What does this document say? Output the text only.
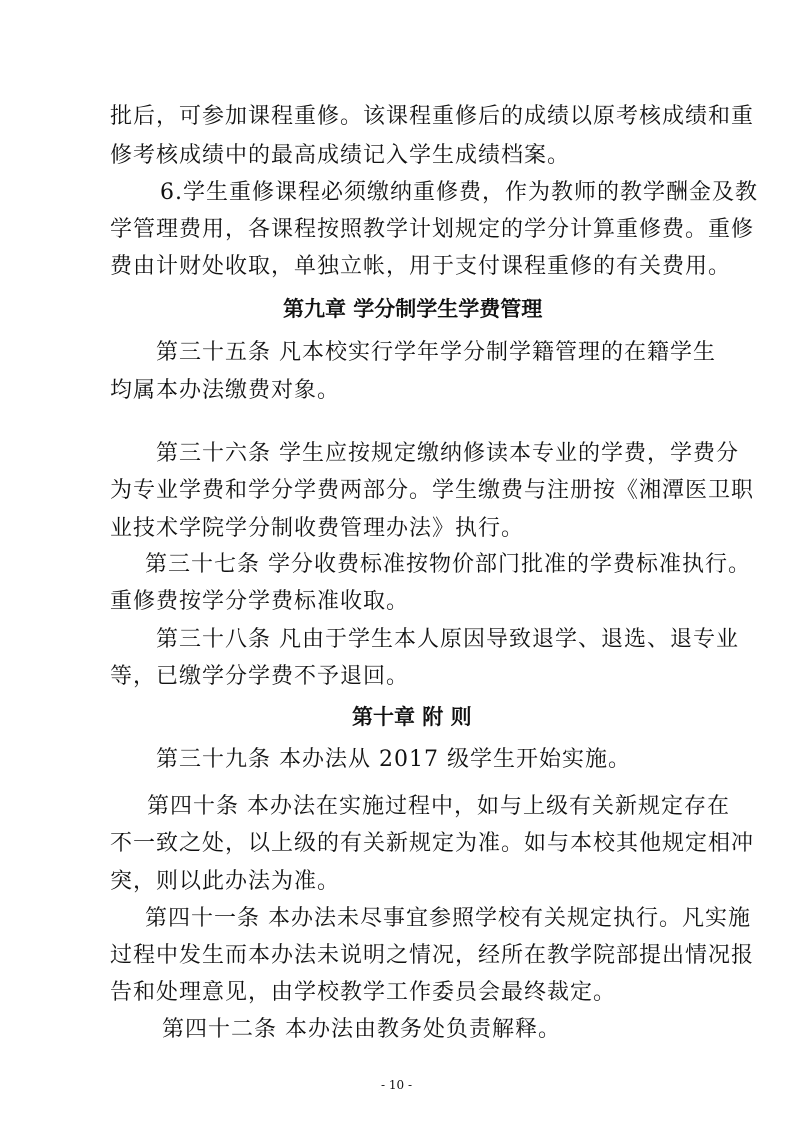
批后，可参加课程重修。该课程重修后的成绩以原考核成绩和重
修考核成绩中的最高成绩记入学生成绩档案。
6.学生重修课程必须缴纳重修费，作为教师的教学酬金及教
学管理费用，各课程按照教学计划规定的学分计算重修费。重修
费由计财处收取，单独立帐，用于支付课程重修的有关费用。
第九章 学分制学生学费管理
第三十五条 凡本校实行学年学分制学籍管理的在籍学生
均属本办法缴费对象。
第三十六条 学生应按规定缴纳修读本专业的学费，学费分
为专业学费和学分学费两部分。学生缴费与注册按《湘潭医卫职
业技术学院学分制收费管理办法》执行。
第三十七条 学分收费标准按物价部门批准的学费标准执行。
重修费按学分学费标准收取。
第三十八条 凡由于学生本人原因导致退学、退选、退专业
等，已缴学分学费不予退回。
第十章 附 则
第三十九条 本办法从 2017 级学生开始实施。
第四十条 本办法在实施过程中，如与上级有关新规定存在
不一致之处，以上级的有关新规定为准。如与本校其他规定相冲
突，则以此办法为准。
第四十一条 本办法未尽事宜参照学校有关规定执行。凡实施
过程中发生而本办法未说明之情况，经所在教学院部提出情况报
告和处理意见，由学校教学工作委员会最终裁定。
第四十二条 本办法由教务处负责解释。
- 10 -
